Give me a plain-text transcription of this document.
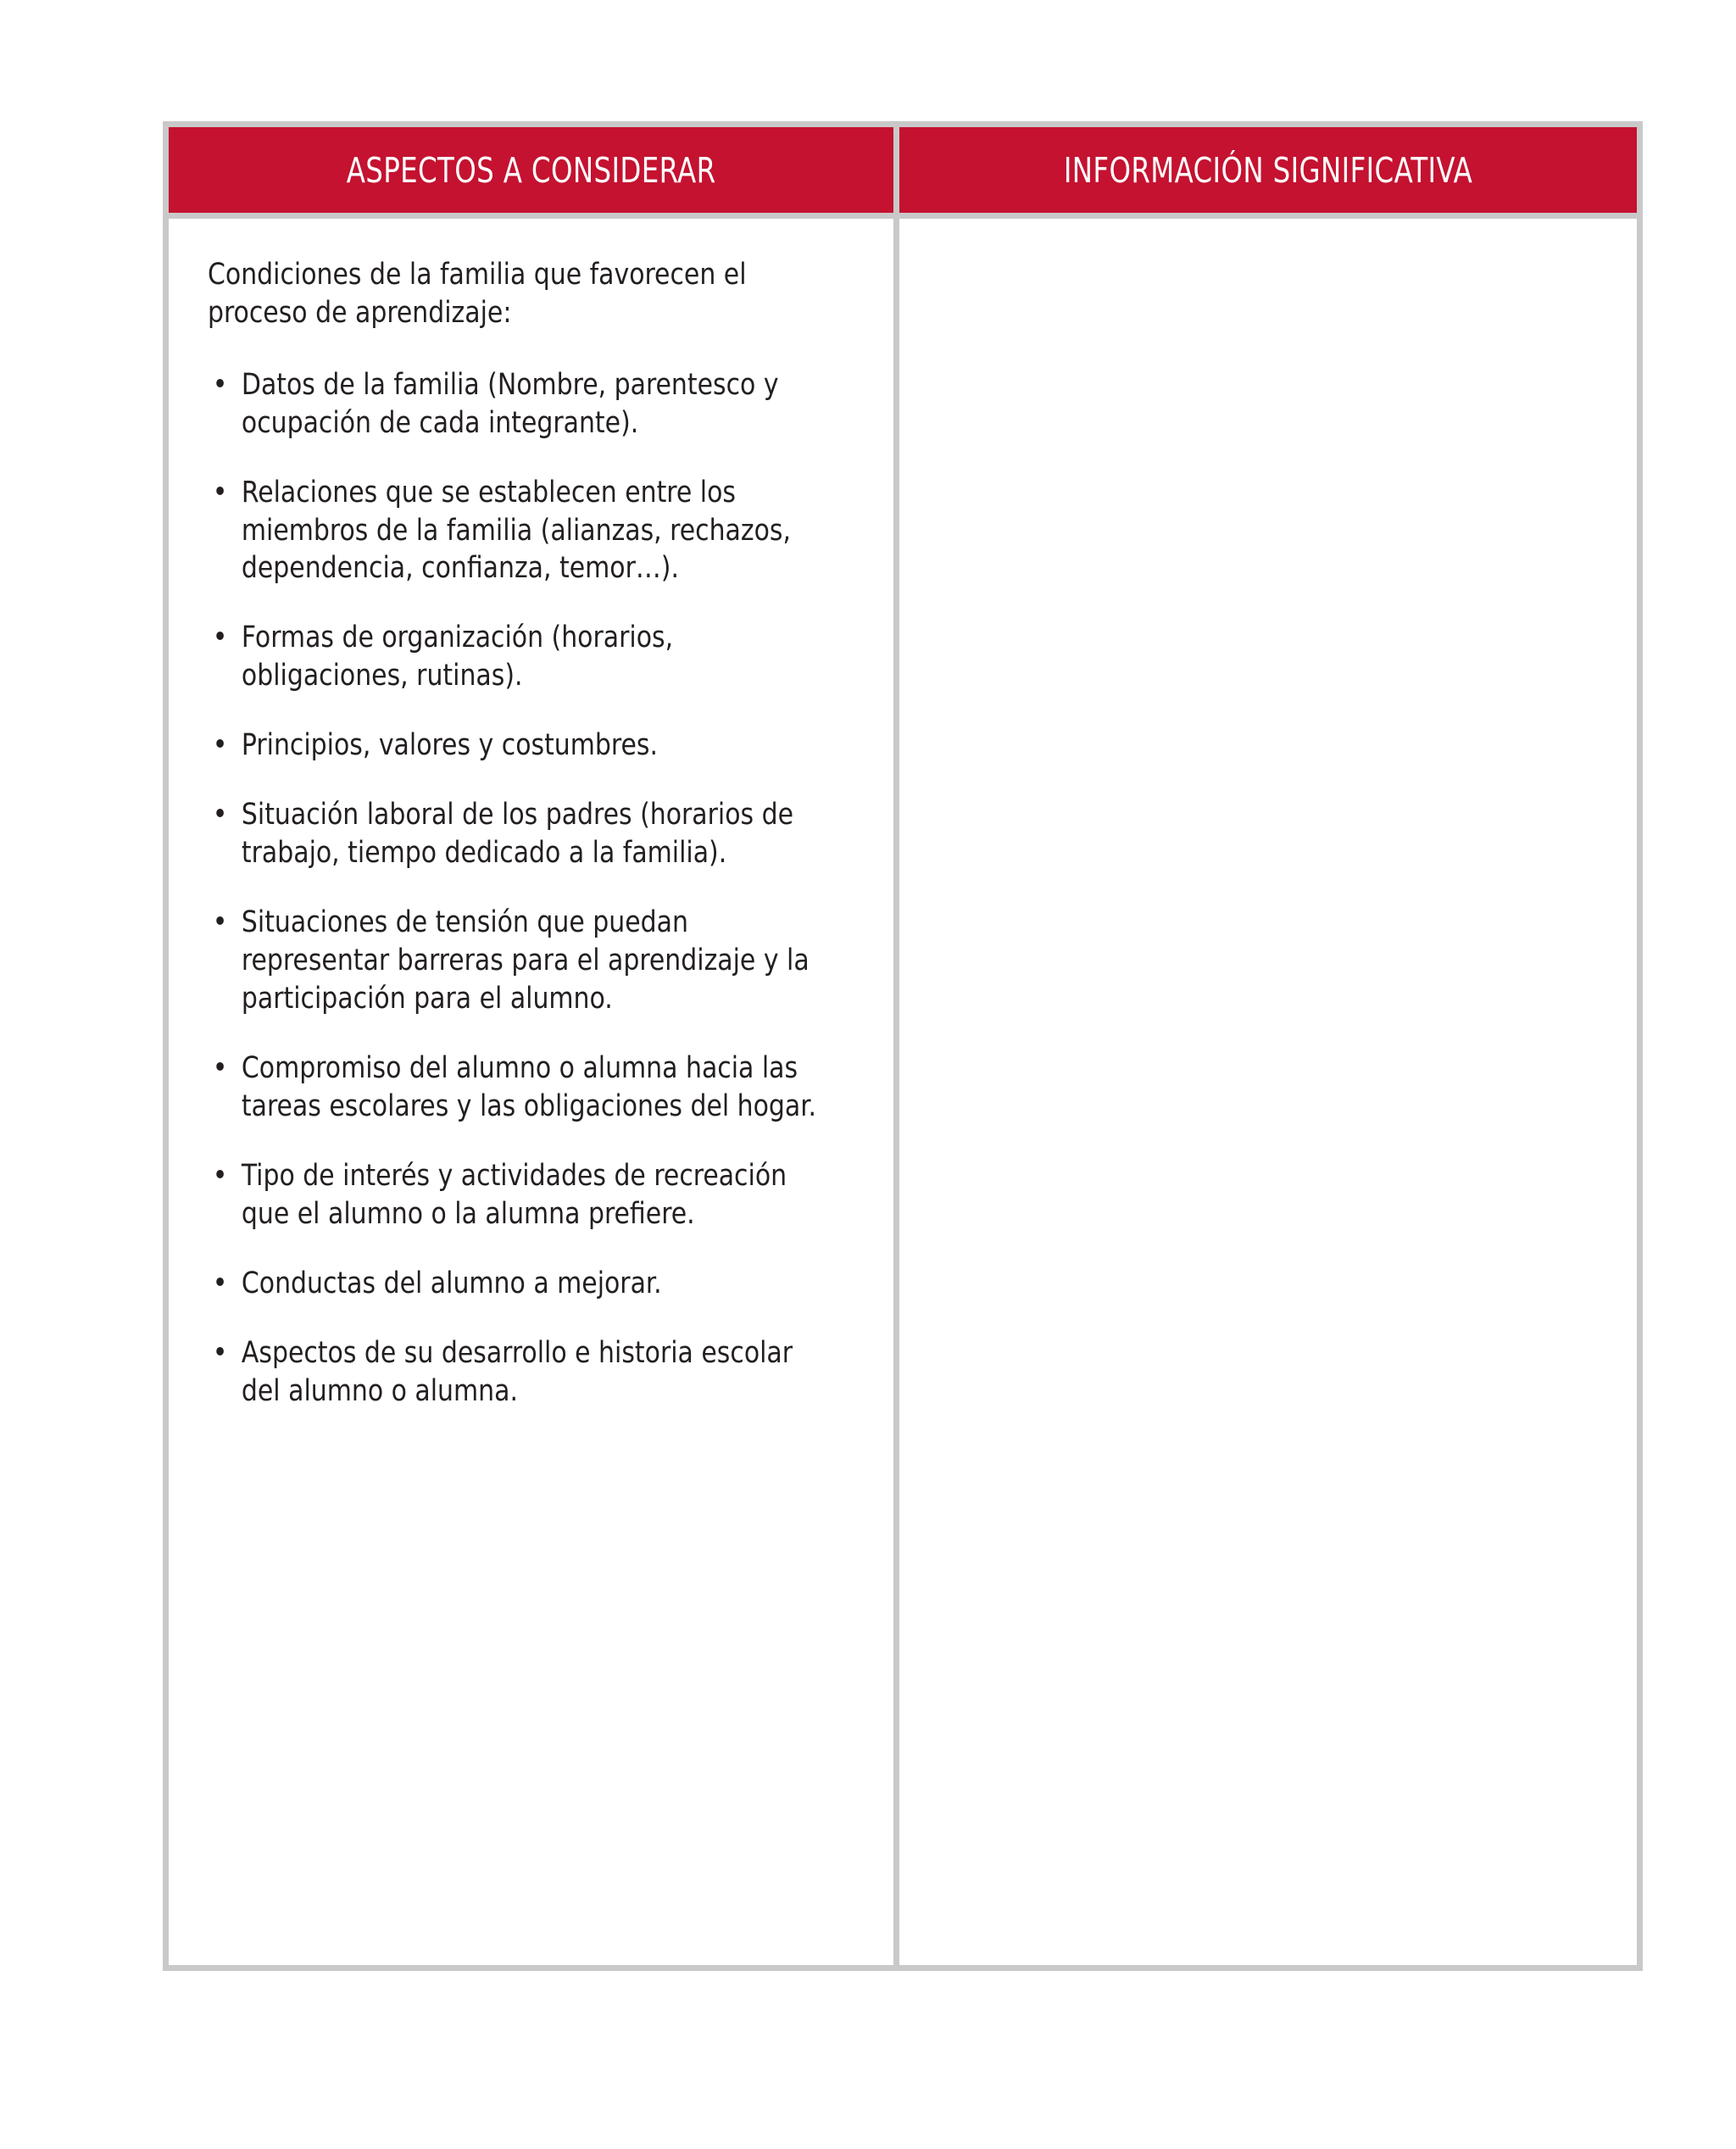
ASPECTOS A CONSIDERAR	INFORMACIÓN SIGNIFICATIVA

Condiciones de la familia que favorecen el proceso de aprendizaje:

• Datos de la familia (Nombre, parentesco y ocupación de cada integrante).
• Relaciones que se establecen entre los miembros de la familia (alianzas, rechazos, dependencia, confianza, temor…).
• Formas de organización (horarios, obligaciones, rutinas).
• Principios, valores y costumbres.
• Situación laboral de los padres (horarios de trabajo, tiempo dedicado a la familia).
• Situaciones de tensión que puedan representar barreras para el aprendizaje y la participación para el alumno.
• Compromiso del alumno o alumna hacia las tareas escolares y las obligaciones del hogar.
• Tipo de interés y actividades de recreación que el alumno o la alumna prefiere.
• Conductas del alumno a mejorar.
• Aspectos de su desarrollo e historia escolar del alumno o alumna.
